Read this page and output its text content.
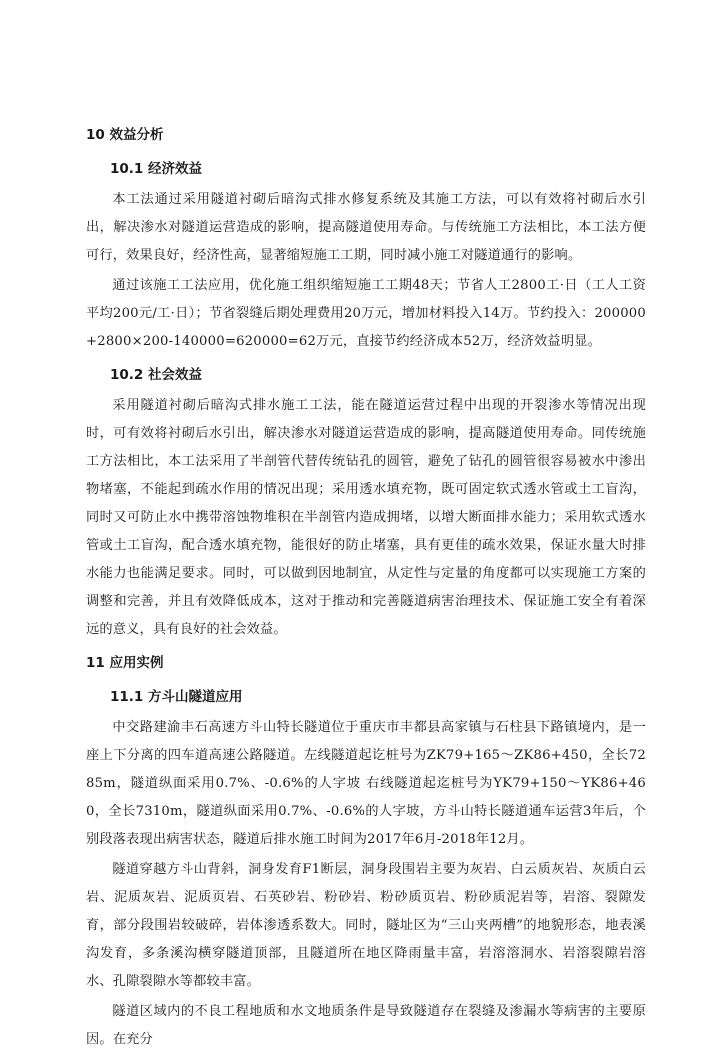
10 效益分析
10.1 经济效益

本工法通过采用隧道衬砌后暗沟式排水修复系统及其施工方法，可以有效将衬砌后水引出，解决渗水对隧道运营造成的影响，提高隧道使用寿命。与传统施工方法相比，本工法方便可行，效果良好，经济性高，显著缩短施工工期，同时减小施工对隧道通行的影响。

通过该施工工法应用，优化施工组织缩短施工工期48天；节省人工2800工·日（工人工资平均200元/工·日）；节省裂缝后期处理费用20万元，增加材料投入14万。节约投入：200000+2800×200-140000=620000=62万元，直接节约经济成本52万，经济效益明显。

10.2 社会效益

采用隧道衬砌后暗沟式排水施工工法，能在隧道运营过程中出现的开裂渗水等情况出现时，可有效将衬砌后水引出，解决渗水对隧道运营造成的影响，提高隧道使用寿命。同传统施工方法相比，本工法采用了半剖管代替传统钻孔的圆管，避免了钻孔的圆管很容易被水中渗出物堵塞，不能起到疏水作用的情况出现；采用透水填充物，既可固定软式透水管或土工盲沟，同时又可防止水中携带溶蚀物堆积在半剖管内造成拥堵，以增大断面排水能力；采用软式透水管或土工盲沟，配合透水填充物，能很好的防止堵塞，具有更佳的疏水效果，保证水量大时排水能力也能满足要求。同时，可以做到因地制宜，从定性与定量的角度都可以实现施工方案的调整和完善，并且有效降低成本，这对于推动和完善隧道病害治理技术、保证施工安全有着深远的意义，具有良好的社会效益。

11 应用实例
11.1 方斗山隧道应用

中交路建渝丰石高速方斗山特长隧道位于重庆市丰都县高家镇与石柱县下路镇境内，是一座上下分离的四车道高速公路隧道。左线隧道起讫桩号为ZK79+165～ZK86+450，全长7285m，隧道纵面采用0.7%、-0.6%的人字坡 右线隧道起迄桩号为YK79+150～YK86+460，全长7310m，隧道纵面采用0.7%、-0.6%的人字坡，方斗山特长隧道通车运营3年后，个别段落表现出病害状态，隧道后排水施工时间为2017年6月-2018年12月。

隧道穿越方斗山背斜，洞身发育F1断层，洞身段围岩主要为灰岩、白云质灰岩、灰质白云岩、泥质灰岩、泥质页岩、石英砂岩、粉砂岩、粉砂质页岩、粉砂质泥岩等，岩溶、裂隙发育，部分段围岩较破碎，岩体渗透系数大。同时，隧址区为“三山夹两槽”的地貌形态，地表溪沟发育，多条溪沟横穿隧道顶部，且隧道所在地区降雨量丰富，岩溶溶洞水、岩溶裂隙岩溶水、孔隙裂隙水等都较丰富。

隧道区域内的不良工程地质和水文地质条件是导致隧道存在裂缝及渗漏水等病害的主要原因。在充分
